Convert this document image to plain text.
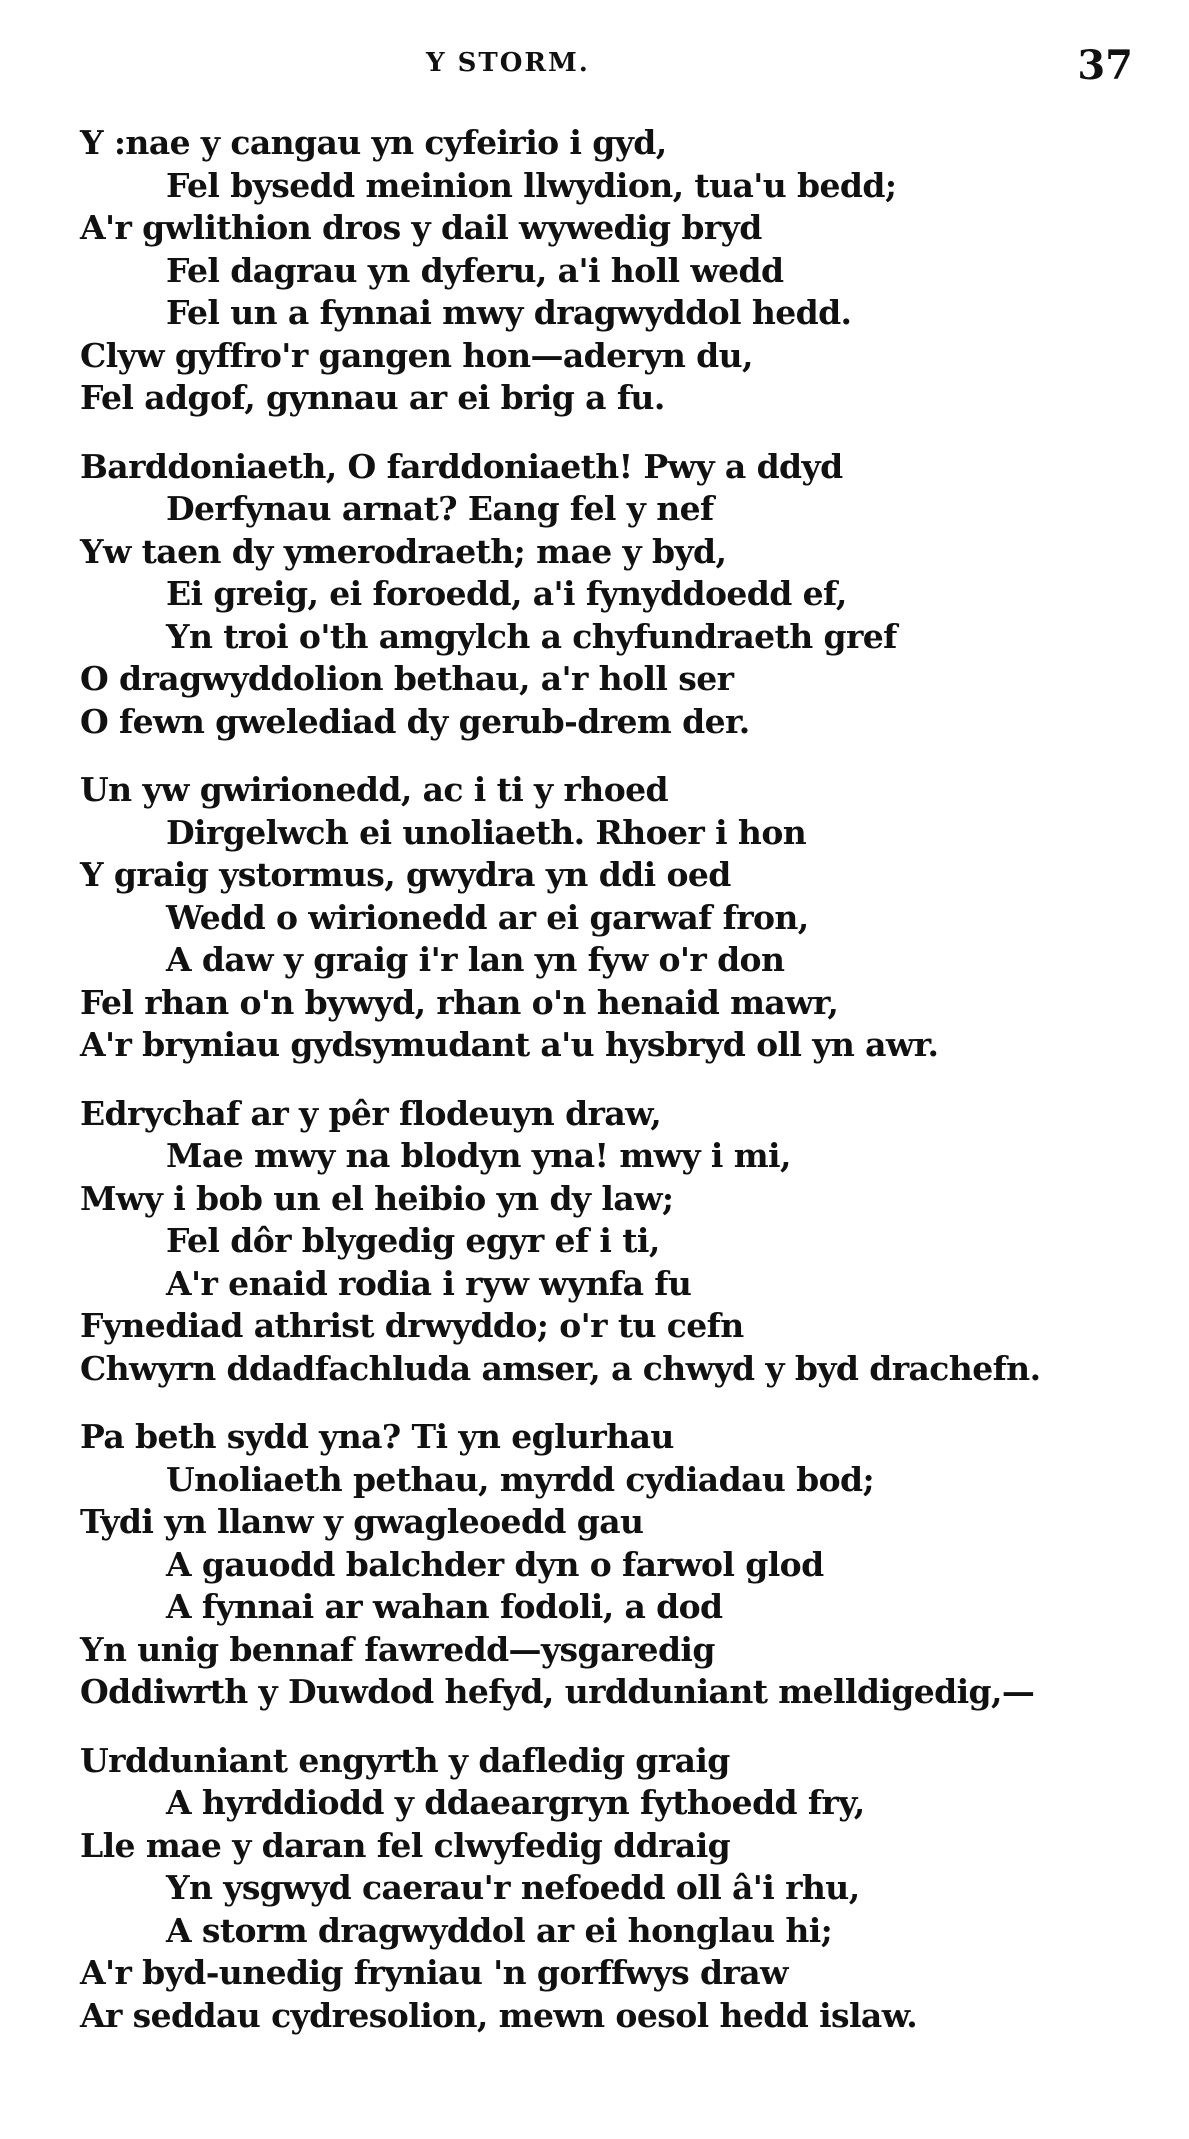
Y STORM.	37
Y :nae y cangau yn cyfeirio i gyd,
Fel bysedd meinion llwydion, tua'u bedd;
A'r gwlithion dros y dail wywedig bryd
Fel dagrau yn dyferu, a'i holl wedd
Fel un a fynnai mwy dragwyddol hedd.
Clyw gyffro'r gangen hon—aderyn du,
Fel adgof, gynnau ar ei brig a fu.
Barddoniaeth, O farddoniaeth! Pwy a ddyd
Derfynau arnat? Eang fel y nef
Yw taen dy ymerodraeth; mae y byd,
Ei greig, ei foroedd, a'i fynyddoedd ef,
Yn troi o'th amgylch a chyfundraeth gref
O dragwyddolion bethau, a'r holl ser
O fewn gwelediad dy gerub-drem der.
Un yw gwirionedd, ac i ti y rhoed
Dirgelwch ei unoliaeth. Rhoer i hon
Y graig ystormus, gwydra yn ddi oed
Wedd o wirionedd ar ei garwaf fron,
A daw y graig i'r lan yn fyw o'r don
Fel rhan o'n bywyd, rhan o'n henaid mawr,
A'r bryniau gydsymudant a'u hysbryd oll yn awr.
Edrychaf ar y pêr flodeuyn draw,
Mae mwy na blodyn yna! mwy i mi,
Mwy i bob un el heibio yn dy law;
Fel dôr blygedig egyr ef i ti,
A'r enaid rodia i ryw wynfa fu
Fynediad athrist drwyddo; o'r tu cefn
Chwyrn ddadfachluda amser, a chwyd y byd drachefn.
Pa beth sydd yna? Ti yn eglurhau
Unoliaeth pethau, myrdd cydiadau bod;
Tydi yn llanw y gwagleoedd gau
A gauodd balchder dyn o farwol glod
A fynnai ar wahan fodoli, a dod
Yn unig bennaf fawredd—ysgaredig
Oddiwrth y Duwdod hefyd, urdduniant melldigedig,—
Urdduniant engyrth y dafledig graig
A hyrddiodd y ddaeargryn fythoedd fry,
Lle mae y daran fel clwyfedig ddraig
Yn ysgwyd caerau'r nefoedd oll â'i rhu,
A storm dragwyddol ar ei honglau hi;
A'r byd-unedig fryniau 'n gorffwys draw
Ar seddau cydresolion, mewn oesol hedd islaw.
